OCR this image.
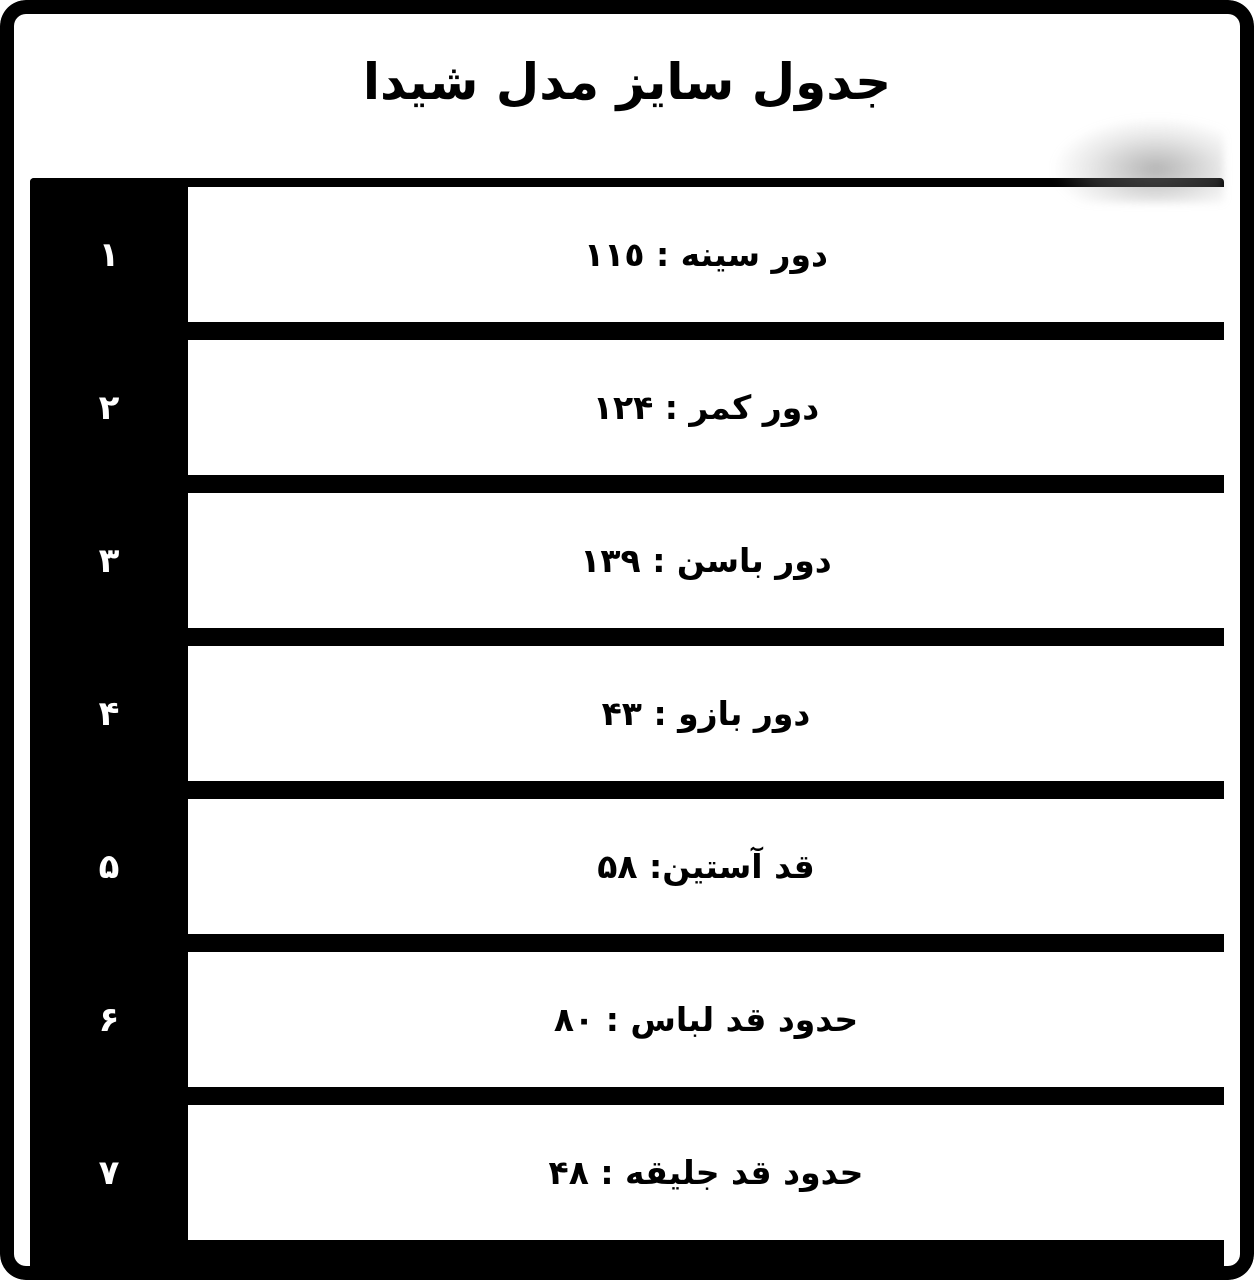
جدول سایز مدل شیدا
دور سینه : ١١٥
١
دور کمر : ١٢۴
٢
دور باسن : ١٣٩
٣
دور بازو : ۴٣
۴
قد آستین: ۵٨
۵
حدود قد لباس : ٨٠
۶
حدود قد جلیقه : ۴٨
٧
